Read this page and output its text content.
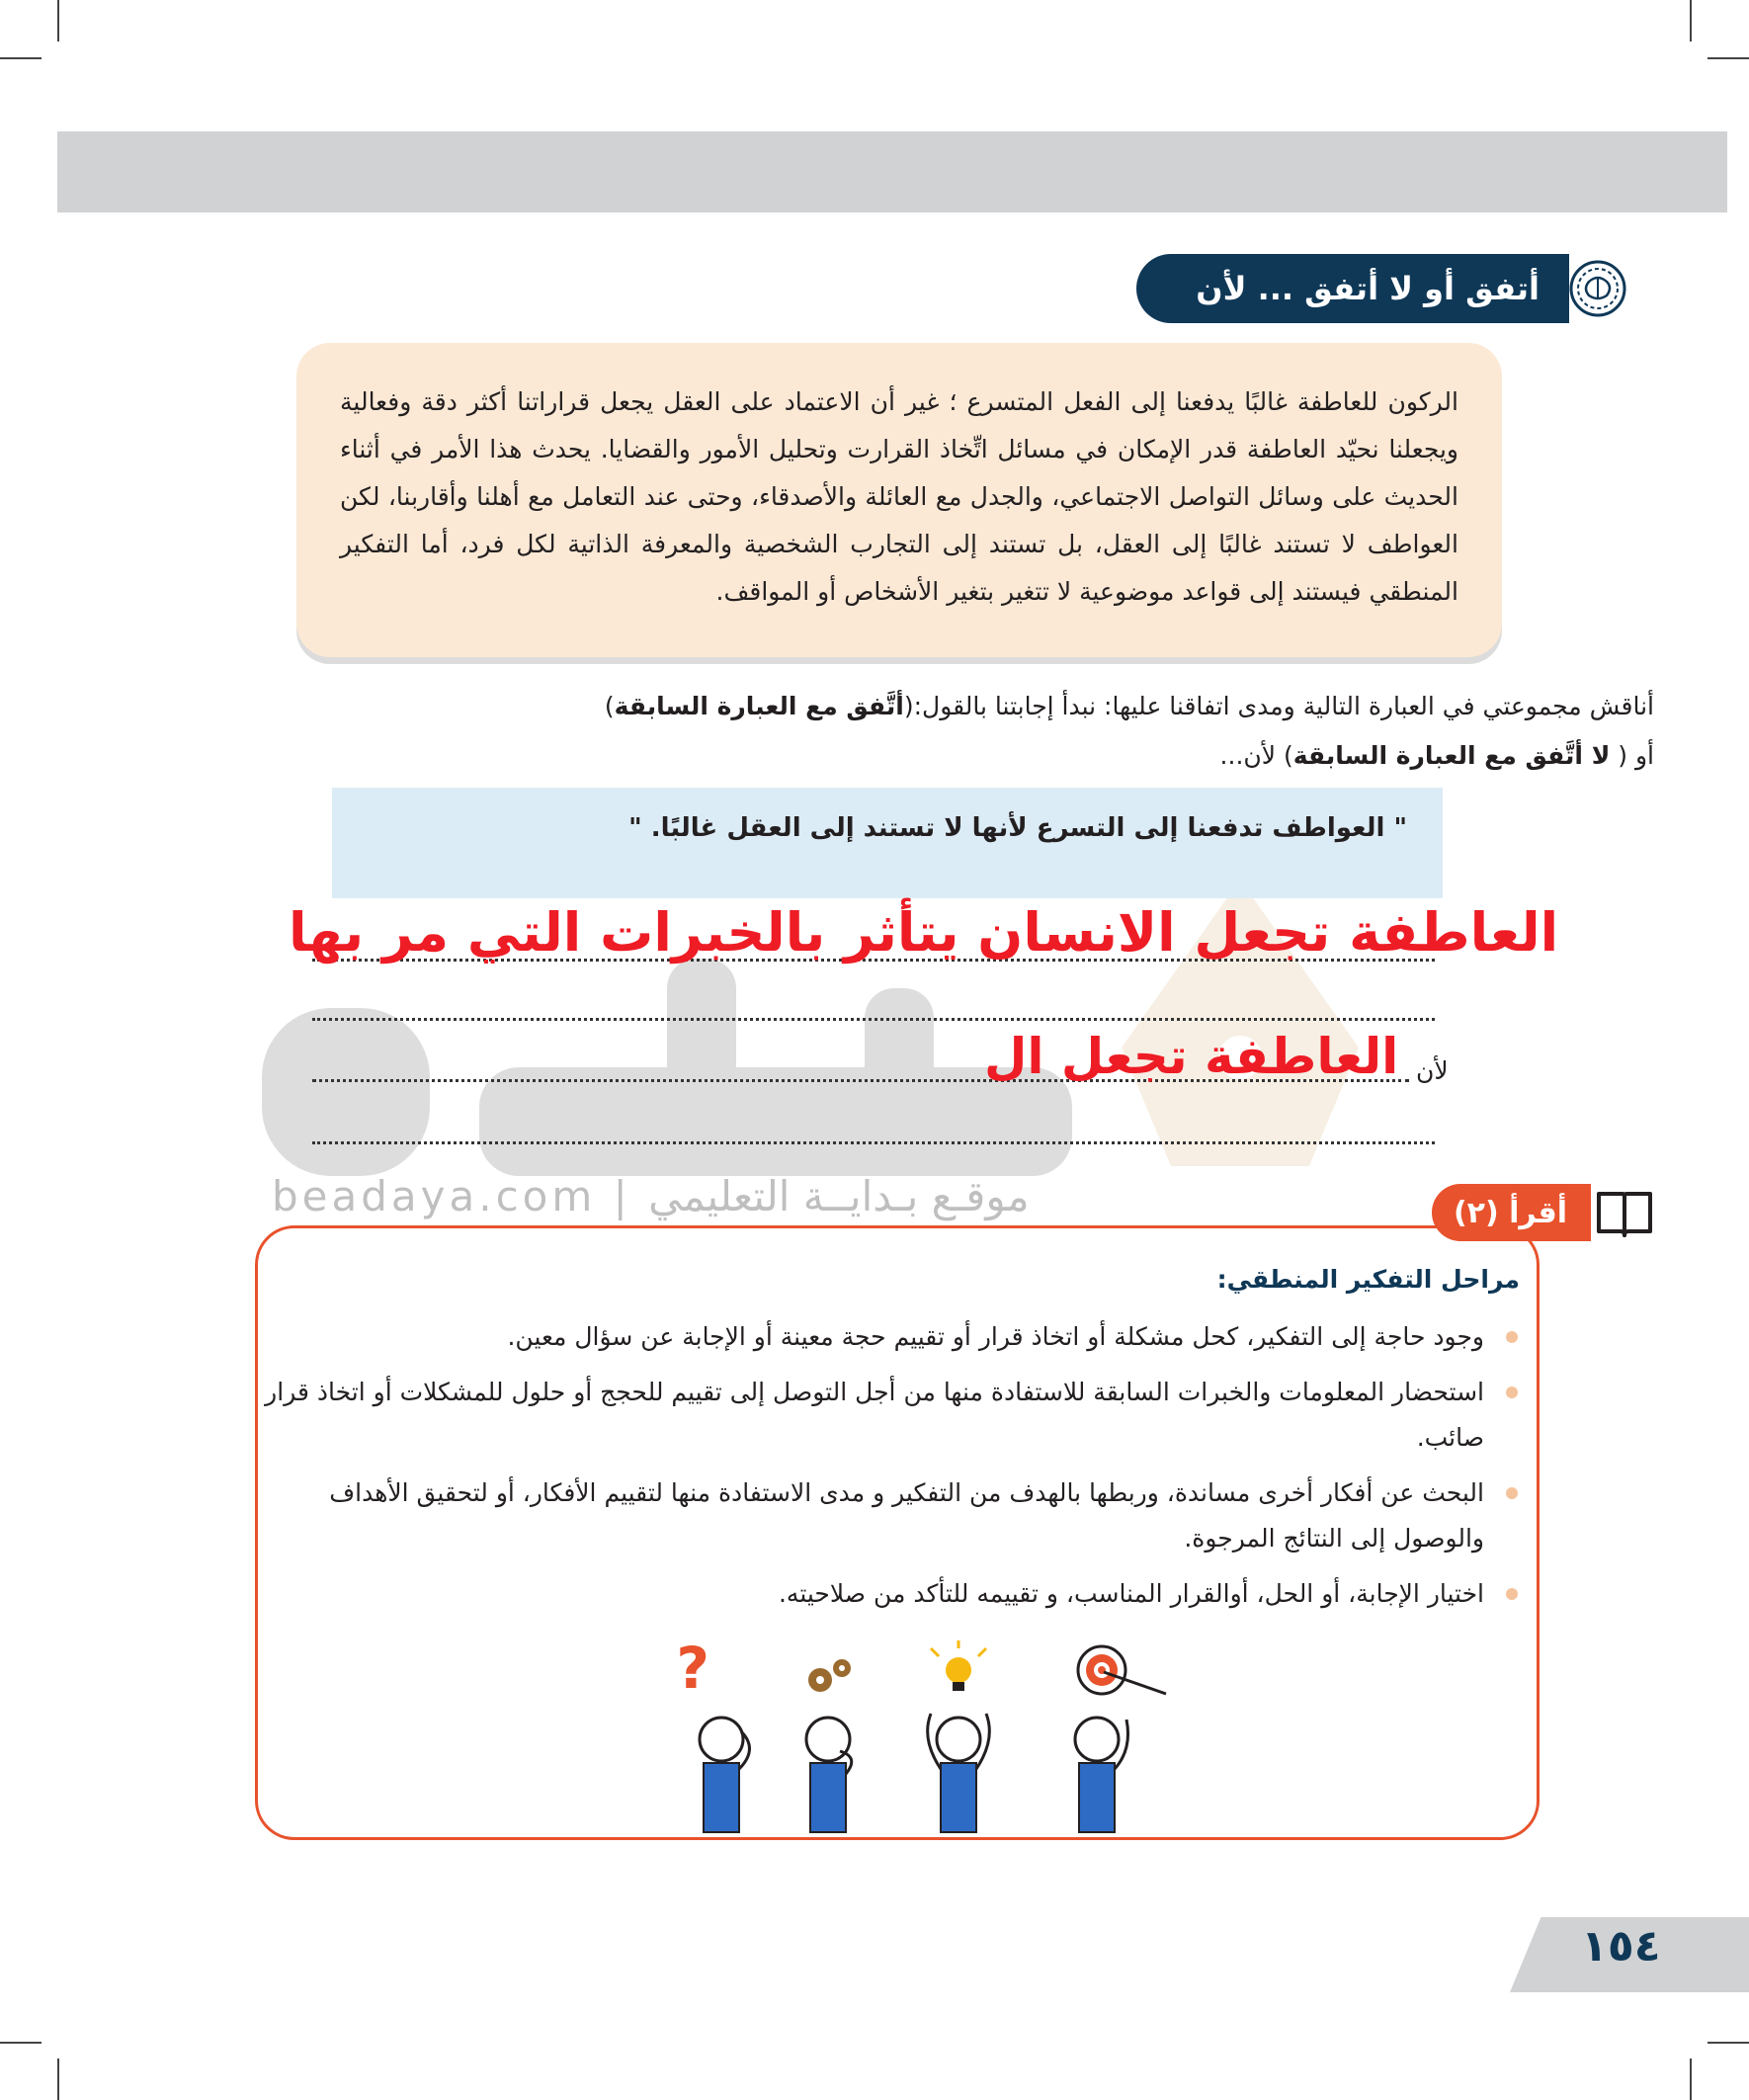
beadaya.com | موقـع بـدايــة التعليمي
أتفق أو لا أتفق ... لأن

الركون للعاطفة غالبًا يدفعنا إلى الفعل المتسرع ؛ غير أن الاعتماد على العقل يجعل قراراتنا أكثر دقة وفعالية ويجعلنا نحيّد العاطفة قدر الإمكان في مسائل اتِّخاذ القرارت وتحليل الأمور والقضايا. يحدث هذا الأمر في أثناء الحديث على وسائل التواصل الاجتماعي، والجدل مع العائلة والأصدقاء، وحتى عند التعامل مع أهلنا وأقاربنا، لكن العواطف لا تستند غالبًا إلى العقل، بل تستند إلى التجارب الشخصية والمعرفة الذاتية لكل فرد، أما التفكير المنطقي فيستند إلى قواعد موضوعية لا تتغير بتغير الأشخاص أو المواقف.

أناقش مجموعتي في العبارة التالية ومدى اتفاقنا عليها: نبدأ إجابتنا بالقول:(أتَّفق مع العبارة السابقة)
أو ( لا أتَّفق مع العبارة السابقة) لأن...
" العواطف تدفعنا إلى التسرع لأنها لا تستند إلى العقل غالبًا. "
العاطفة تجعل الانسان يتأثر بالخبرات التي مر بها
العاطفة تجعل ال لأن
أقرأ (٢)
مراحل التفكير المنطقي:
وجود حاجة إلى التفكير، كحل مشكلة أو اتخاذ قرار أو تقييم حجة معينة أو الإجابة عن سؤال معين.
استحضار المعلومات والخبرات السابقة للاستفادة منها من أجل التوصل إلى تقييم للحجج أو حلول للمشكلات أو اتخاذ قرار صائب.
البحث عن أفكار أخرى مساندة، وربطها بالهدف من التفكير و مدى الاستفادة منها لتقييم الأفكار، أو لتحقيق الأهداف والوصول إلى النتائج المرجوة.
اختيار الإجابة، أو الحل، أوالقرار المناسب، و تقييمه للتأكد من صلاحيته.
?
١٥٤
